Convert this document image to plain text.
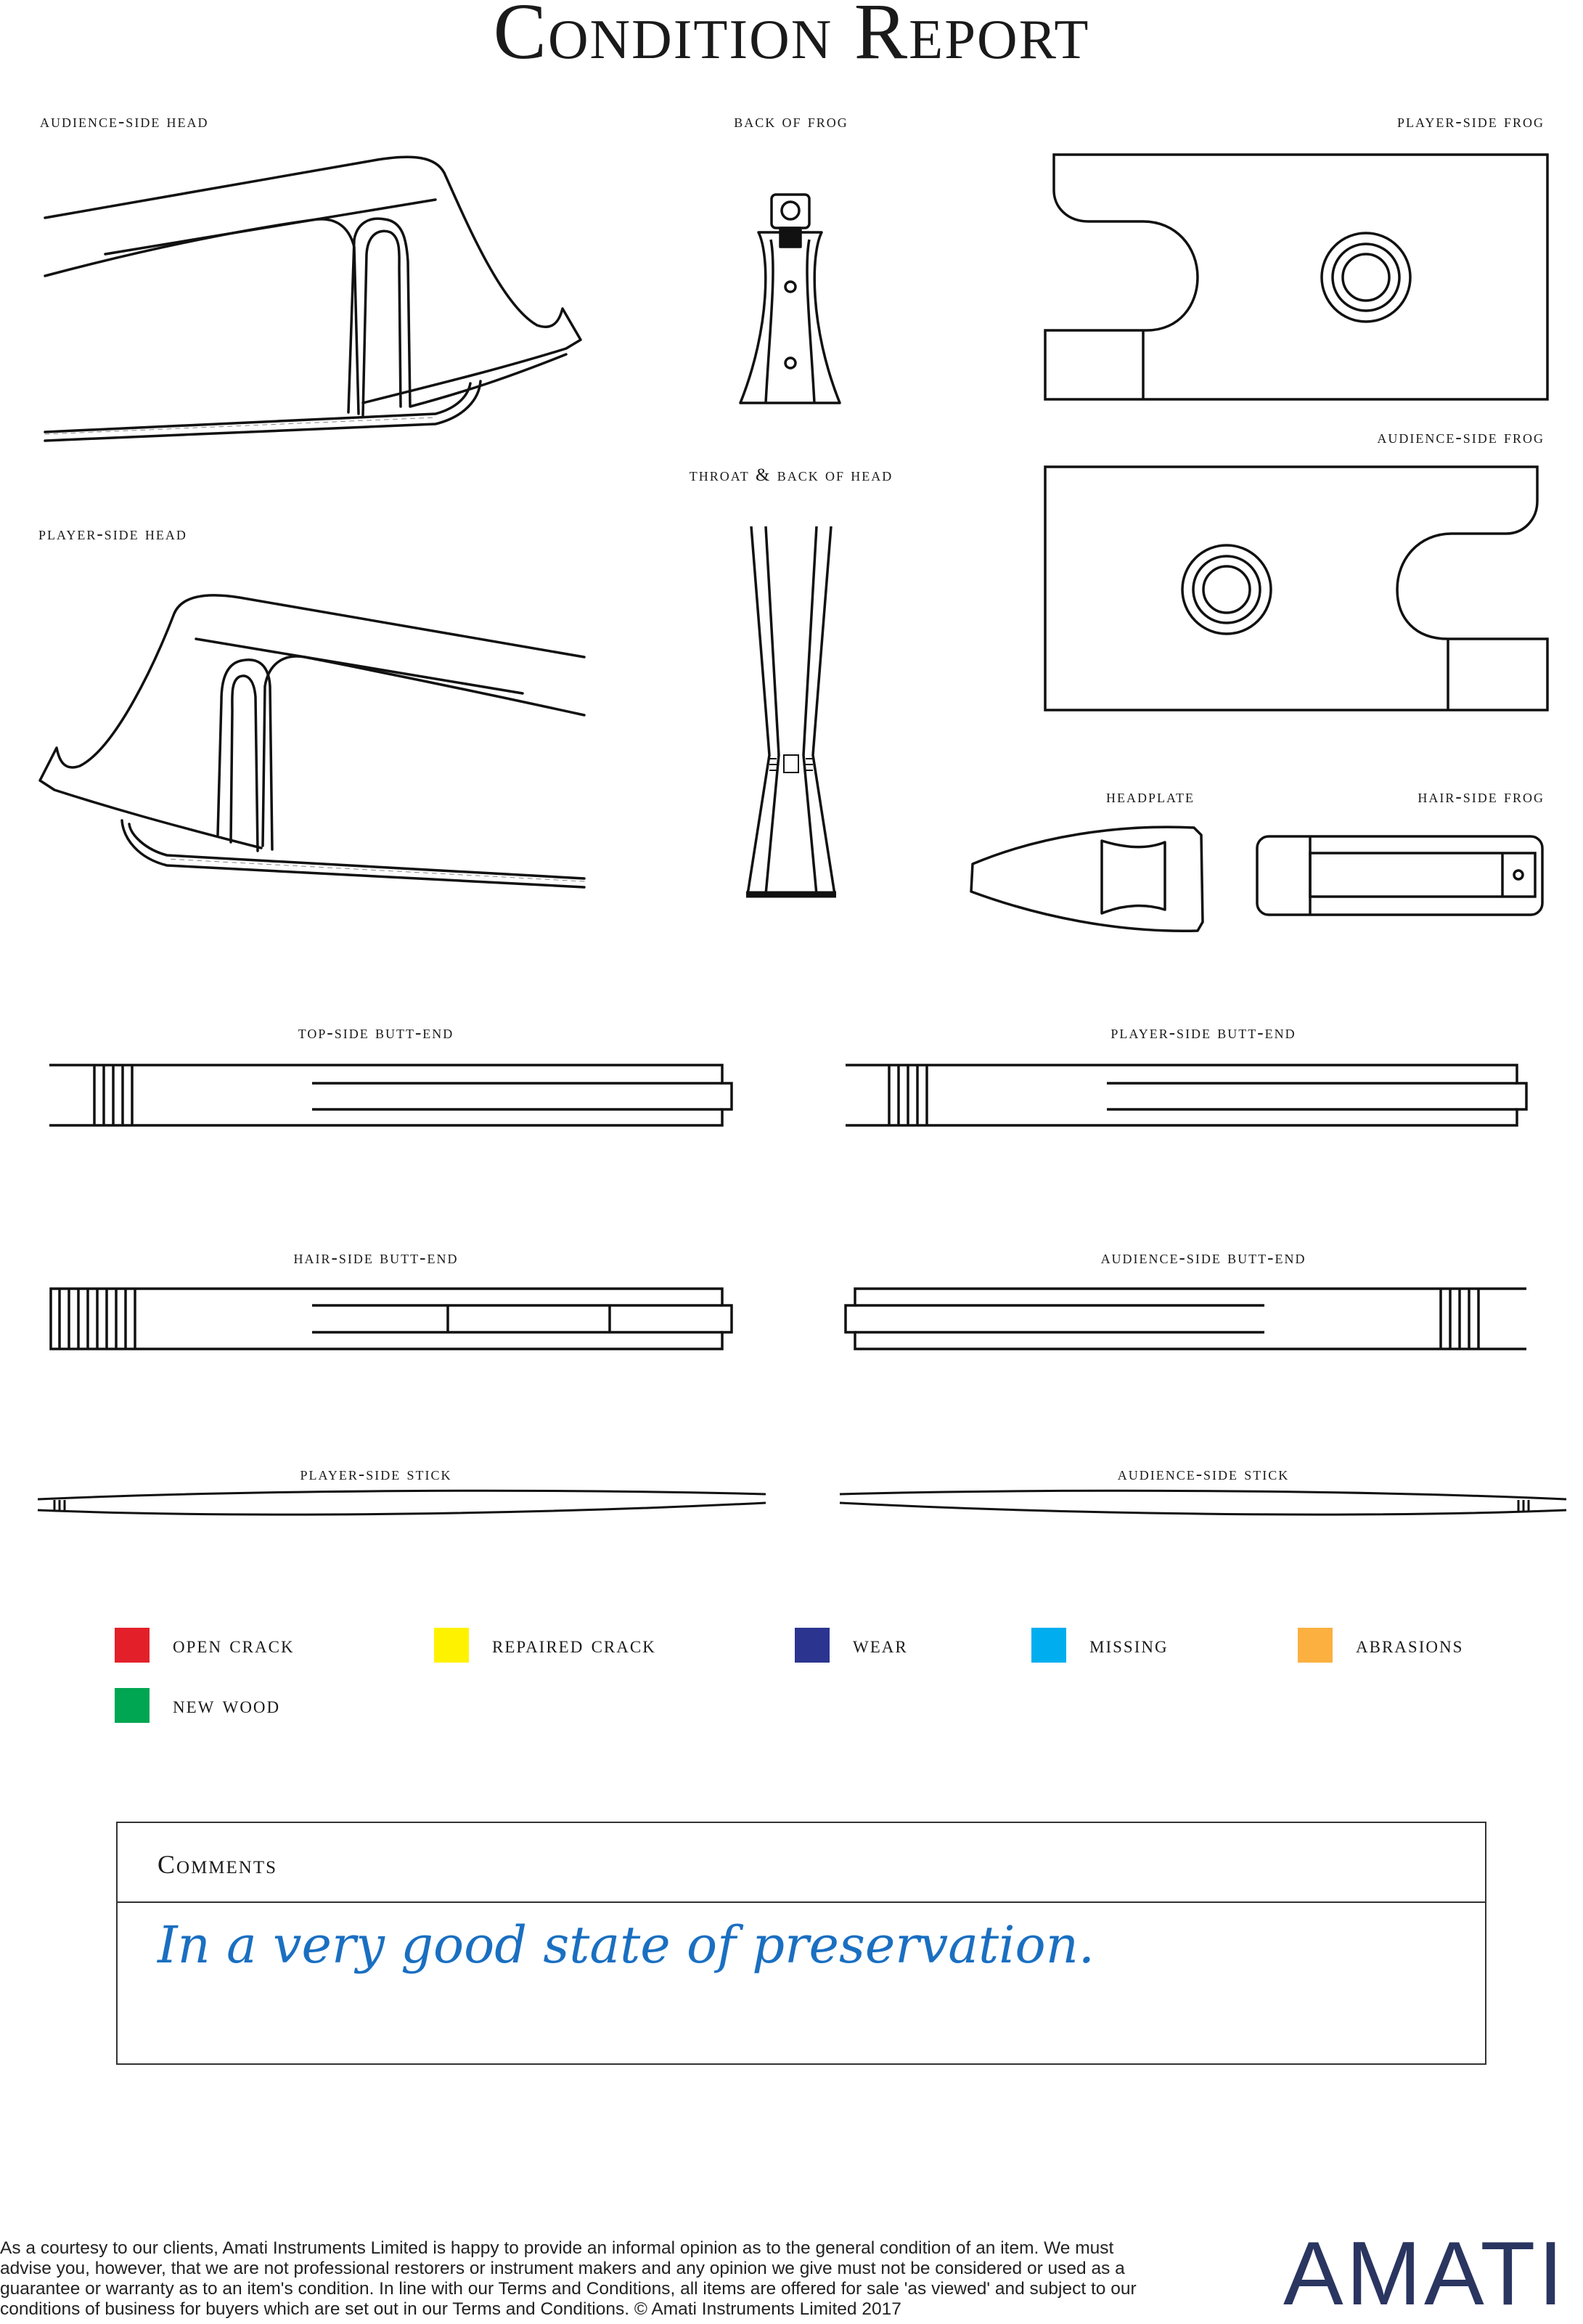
Condition Report
audience-side head	back of frog	player-side frog
audience-side frog
throat & back of head
player-side head
headplate	hair-side frog
top-side butt-end	player-side butt-end
hair-side butt-end	audience-side butt-end
player-side stick	audience-side stick
open crack	repaired crack	wear	missing	abrasions
new wood
Comments
In a very good state of preservation.
As a courtesy to our clients, Amati Instruments Limited is happy to provide an informal opinion as to the general condition of an item. We must advise you, however, that we are not professional restorers or instrument makers and any opinion we give must not be considered or used as a guarantee or warranty as to an item's condition. In line with our Terms and Conditions, all items are offered for sale 'as viewed' and subject to our conditions of business for buyers which are set out in our Terms and Conditions. © Amati Instruments Limited 2017	AMATI
